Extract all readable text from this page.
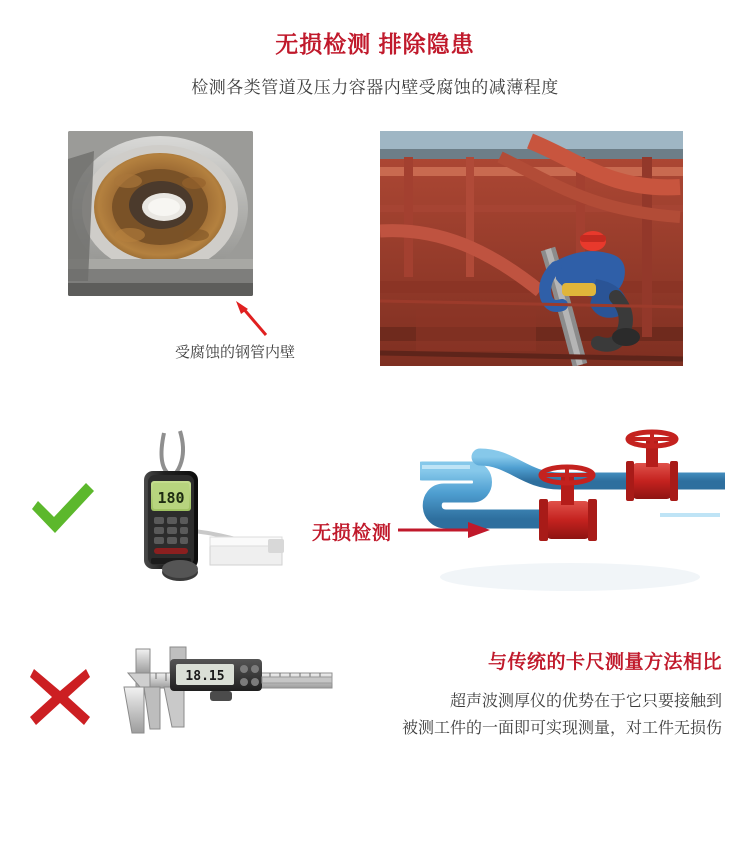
无损检测 排除隐患
检测各类管道及压力容器内壁受腐蚀的减薄程度
受腐蚀的钢管内壁
180
无损检测
18.15
与传统的卡尺测量方法相比
超声波测厚仪的优势在于它只要接触到
被测工件的一面即可实现测量，对工件无损伤
